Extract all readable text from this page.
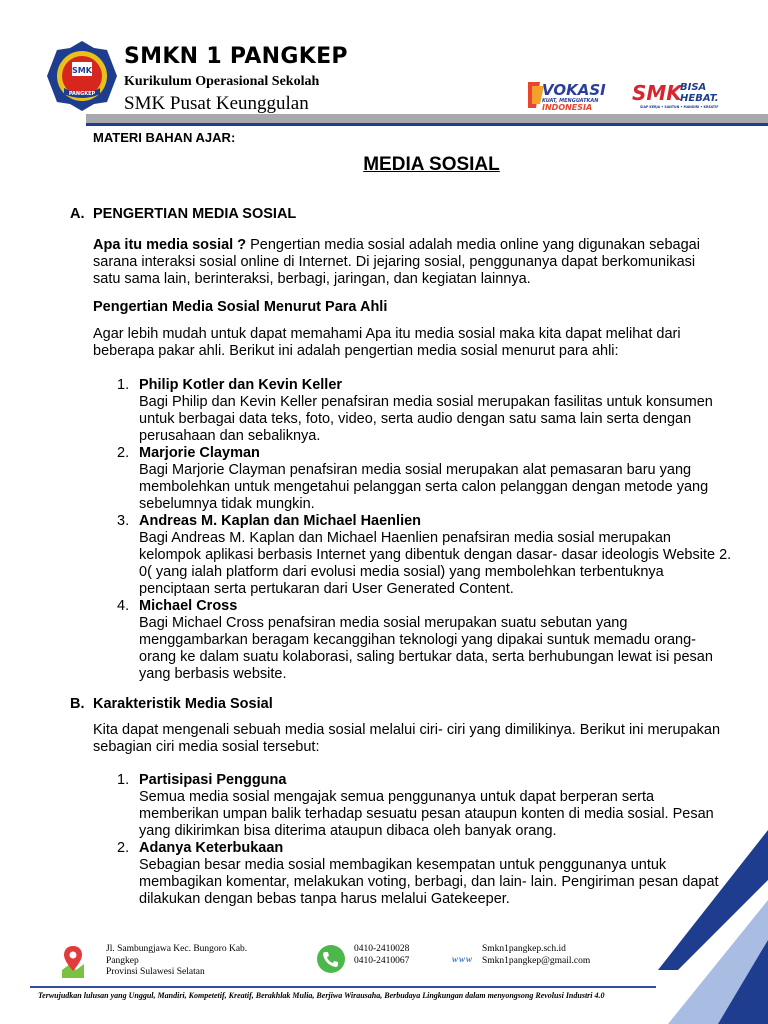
SMK
PANGKEP
SMKN 1 PANGKEP
Kurikulum Operasional Sekolah
SMK Pusat Keunggulan
VOKASI
KUAT, MENGUATKAN
INDONESIA
SMK
BISA
HEBAT.
SIAP KERJA • SANTUN • MANDIRI • KREATIF
MATERI BAHAN AJAR:
MEDIA SOSIAL
A. PENGERTIAN MEDIA SOSIAL
Apa itu media sosial ? Pengertian media sosial adalah media online yang digunakan sebagai sarana interaksi sosial online di Internet. Di jejaring sosial, penggunanya dapat berkomunikasi satu sama lain, berinteraksi, berbagi, jaringan, dan kegiatan lainnya.
Pengertian Media Sosial Menurut Para Ahli
Agar lebih mudah untuk dapat memahami Apa itu media sosial maka kita dapat melihat dari beberapa pakar ahli. Berikut ini adalah pengertian media sosial menurut para ahli:
1. Philip Kotler dan Kevin Keller
Bagi Philip dan Kevin Keller penafsiran media sosial merupakan fasilitas untuk konsumen untuk berbagai data teks, foto, video, serta audio dengan satu sama lain serta dengan perusahaan dan sebaliknya.
2. Marjorie Clayman
Bagi Marjorie Clayman penafsiran media sosial merupakan alat pemasaran baru yang membolehkan untuk mengetahui pelanggan serta calon pelanggan dengan metode yang sebelumnya tidak mungkin.
3. Andreas M. Kaplan dan Michael Haenlien
Bagi Andreas M. Kaplan dan Michael Haenlien penafsiran media sosial merupakan kelompok aplikasi berbasis Internet yang dibentuk dengan dasar- dasar ideologis Website 2. 0( yang ialah platform dari evolusi media sosial) yang membolehkan terbentuknya penciptaan serta pertukaran dari User Generated Content.
4. Michael Cross
Bagi Michael Cross penafsiran media sosial merupakan suatu sebutan yang menggambarkan beragam kecanggihan teknologi yang dipakai suntuk memadu orang- orang ke dalam suatu kolaborasi, saling bertukar data, serta berhubungan lewat isi pesan yang berbasis website.
B. Karakteristik Media Sosial
Kita dapat mengenali sebuah media sosial melalui ciri- ciri yang dimilikinya. Berikut ini merupakan sebagian ciri media sosial tersebut:
1. Partisipasi Pengguna
Semua media sosial mengajak semua penggunanya untuk dapat berperan serta memberikan umpan balik terhadap sesuatu pesan ataupun konten di media sosial. Pesan yang dikirimkan bisa diterima ataupun dibaca oleh banyak orang.
2. Adanya Keterbukaan
Sebagian besar media sosial membagikan kesempatan untuk penggunanya untuk membagikan komentar, melakukan voting, berbagi, dan lain- lain. Pengiriman pesan dapat dilakukan dengan bebas tanpa harus melalui Gatekeeper.
Jl. Sambungjawa Kec. Bungoro Kab.
Pangkep
Provinsi Sulawesi Selatan
0410-2410028
0410-2410067	www
Smkn1pangkep.sch.id
Smkn1pangkep@gmail.com
Terwujudkan lulusan yang Unggul, Mandiri, Kompetetif, Kreatif, Berakhlak Mulia, Berjiwa Wirausaha, Berbudaya Lingkungan dalam menyongsong Revolusi Industri 4.0
